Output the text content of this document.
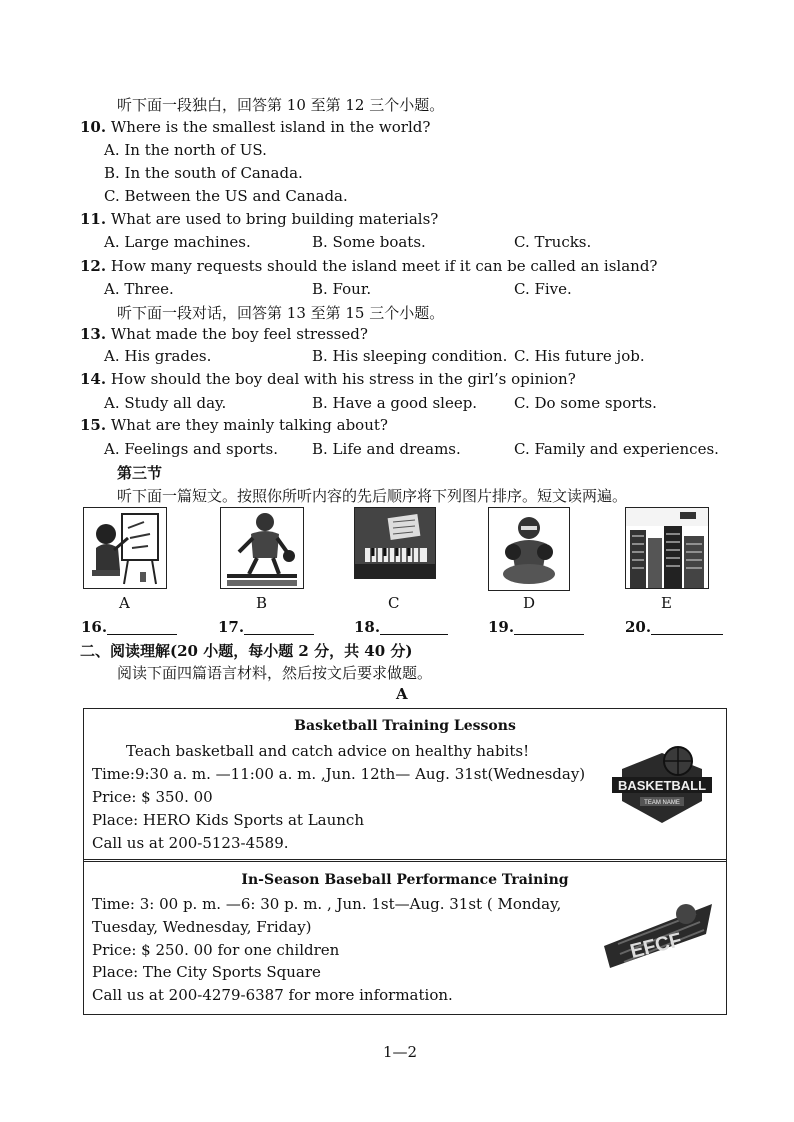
听下面一段独白，回答第 10 至第 12 三个小题。
10. Where is the smallest island in the world?
A. In the north of US.
B. In the south of Canada.
C. Between the US and Canada.
11. What are used to bring building materials?
A. Large machines.	B. Some boats.	C. Trucks.
12. How many requests should the island meet if it can be called an island?
A. Three.	B. Four.	C. Five.
听下面一段对话，回答第 13 至第 15 三个小题。
13. What made the boy feel stressed?
A. His grades.	B. His sleeping condition. C. His future job.
14. How should the boy deal with his stress in the girl’s opinion?
A. Study all day.	B. Have a good sleep. C. Do some sports.
15. What are they mainly talking about?
A. Feelings and sports. B. Life and dreams.	C. Family and experiences.
第三节
听下面一篇短文。按照你所听内容的先后顺序将下列图片排序。短文读两遍。
A	B	C	D	E
16.	17.	18.	19.	20.
二、阅读理解(20 小题，每小题 2 分，共 40 分)
阅读下面四篇语言材料，然后按文后要求做题。
A
Basketball Training Lessons
Teach basketball and catch advice on healthy habits!
Time:9:30 a. m. —11:00 a. m. ,Jun. 12th— Aug. 31st(Wednesday)
Price: $ 350. 00
Place: HERO Kids Sports at Launch
Call us at 200-5123-4589.
BASKETBALL
TEAM NAME
In-Season Baseball Performance Training
Time: 3: 00 p. m. —6: 30 p. m. , Jun. 1st—Aug. 31st ( Monday,
Tuesday, Wednesday, Friday)
Price: $ 250. 00 for one children
Place: The City Sports Square
Call us at 200-4279-6387 for more information.
EFCF
1—2
